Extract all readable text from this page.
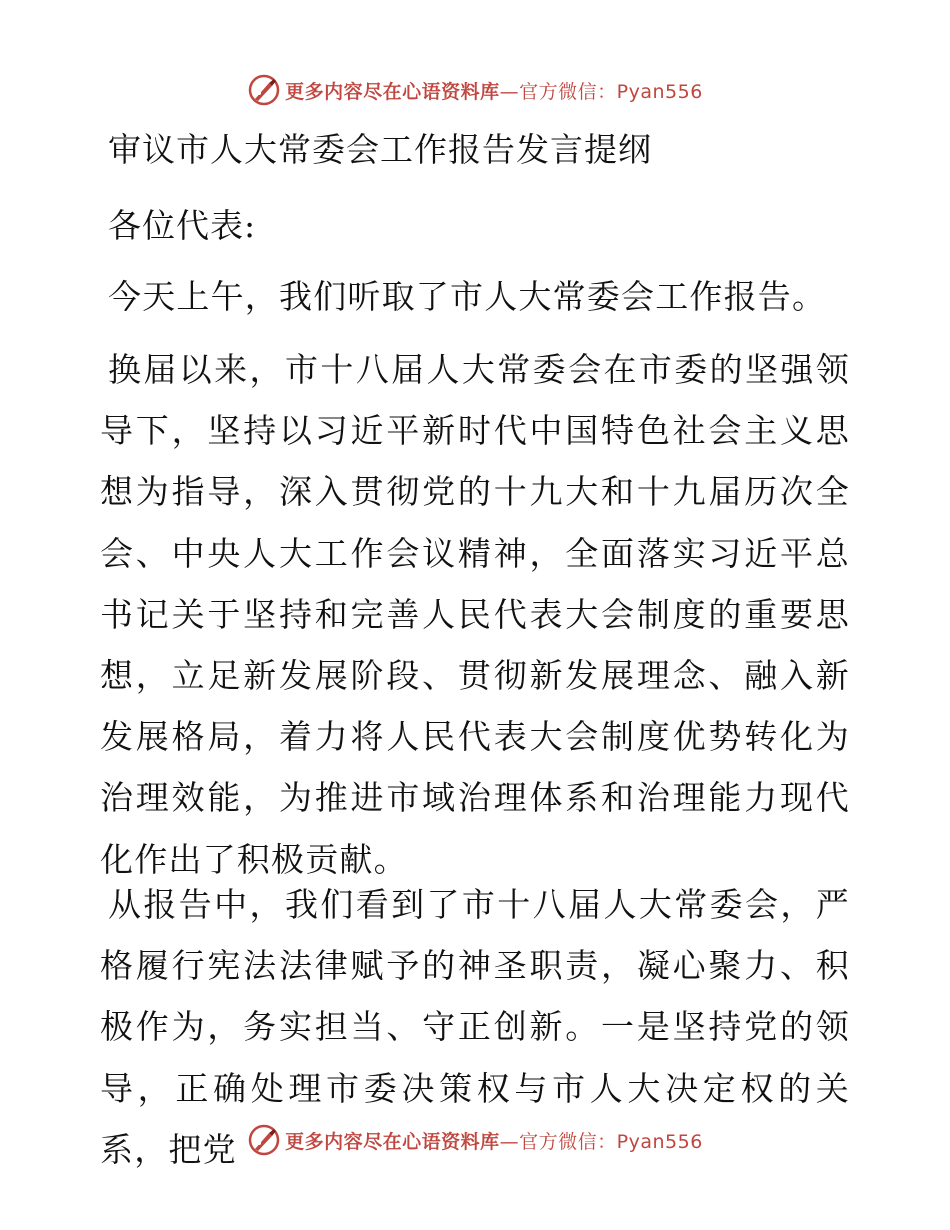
更多内容尽在心语资料库—官方微信：Pyan556
审议市人大常委会工作报告发言提纲
各位代表:
今天上午，我们听取了市人大常委会工作报告。
换届以来，市十八届人大常委会在市委的坚强领导下，坚持以习近平新时代中国特色社会主义思想为指导，深入贯彻党的十九大和十九届历次全会、中央人大工作会议精神，全面落实习近平总书记关于坚持和完善人民代表大会制度的重要思想，立足新发展阶段、贯彻新发展理念、融入新发展格局，着力将人民代表大会制度优势转化为治理效能，为推进市域治理体系和治理能力现代化作出了积极贡献。
从报告中，我们看到了市十八届人大常委会，严格履行宪法法律赋予的神圣职责，凝心聚力、积极作为，务实担当、守正创新。一是坚持党的领导，正确处理市委决策权与市人大决定权的关系，把党	更多内容尽在心语资料库—官方微信：Pyan556
